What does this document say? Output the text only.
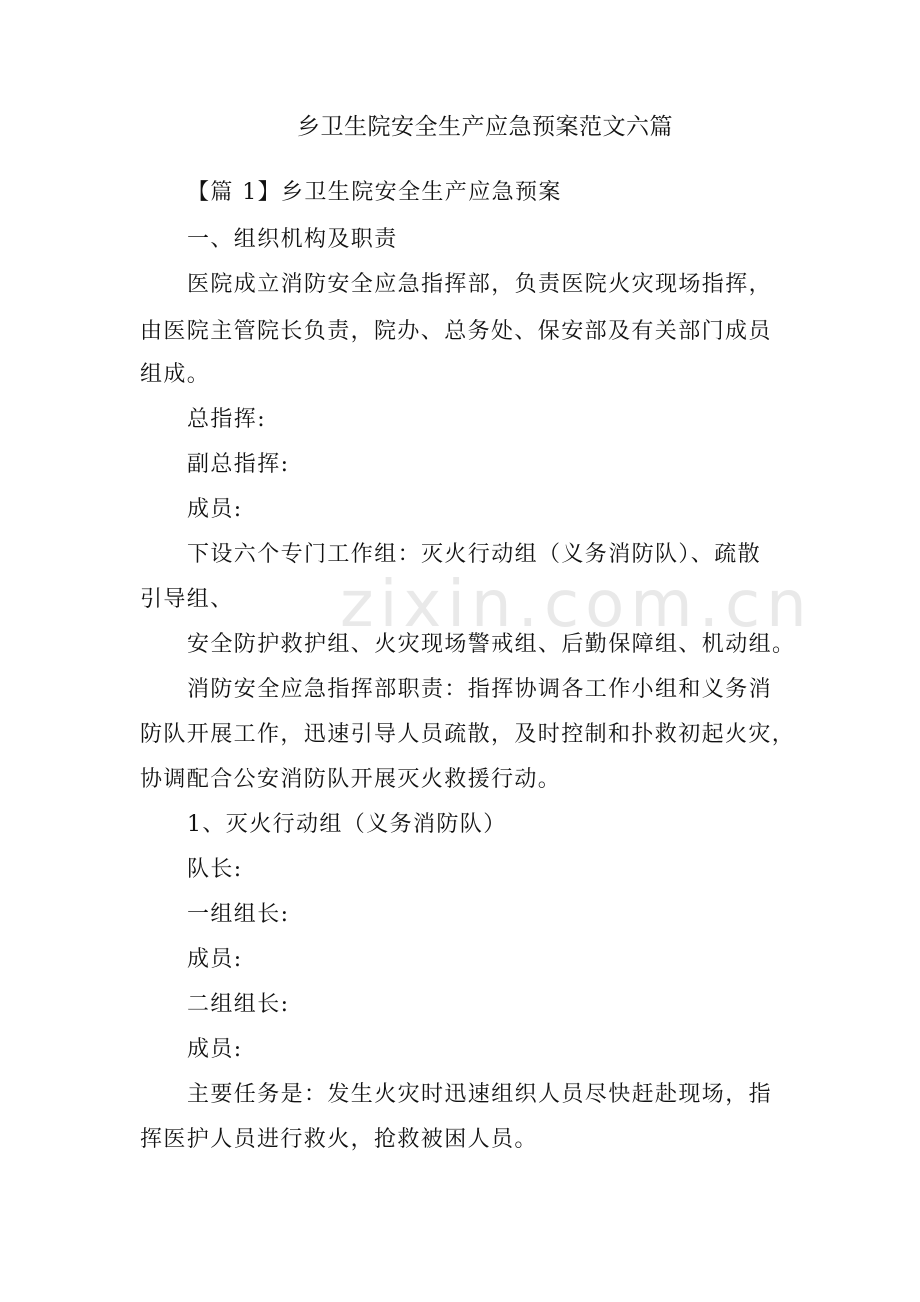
zixin.com.cn
乡卫生院安全生产应急预案范文六篇
【篇 1】乡卫生院安全生产应急预案
一、组织机构及职责
医院成立消防安全应急指挥部，负责医院火灾现场指挥，
由医院主管院长负责，院办、总务处、保安部及有关部门成员
组成。
总指挥:
副总指挥:
成员:
下设六个专门工作组：灭火行动组（义务消防队）、疏散
引导组、
安全防护救护组、火灾现场警戒组、后勤保障组、机动组。
消防安全应急指挥部职责：指挥协调各工作小组和义务消
防队开展工作，迅速引导人员疏散，及时控制和扑救初起火灾，
协调配合公安消防队开展灭火救援行动。
1、灭火行动组（义务消防队）
队长:
一组组长:
成员:
二组组长:
成员:
主要任务是：发生火灾时迅速组织人员尽快赶赴现场，指
挥医护人员进行救火，抢救被困人员。
